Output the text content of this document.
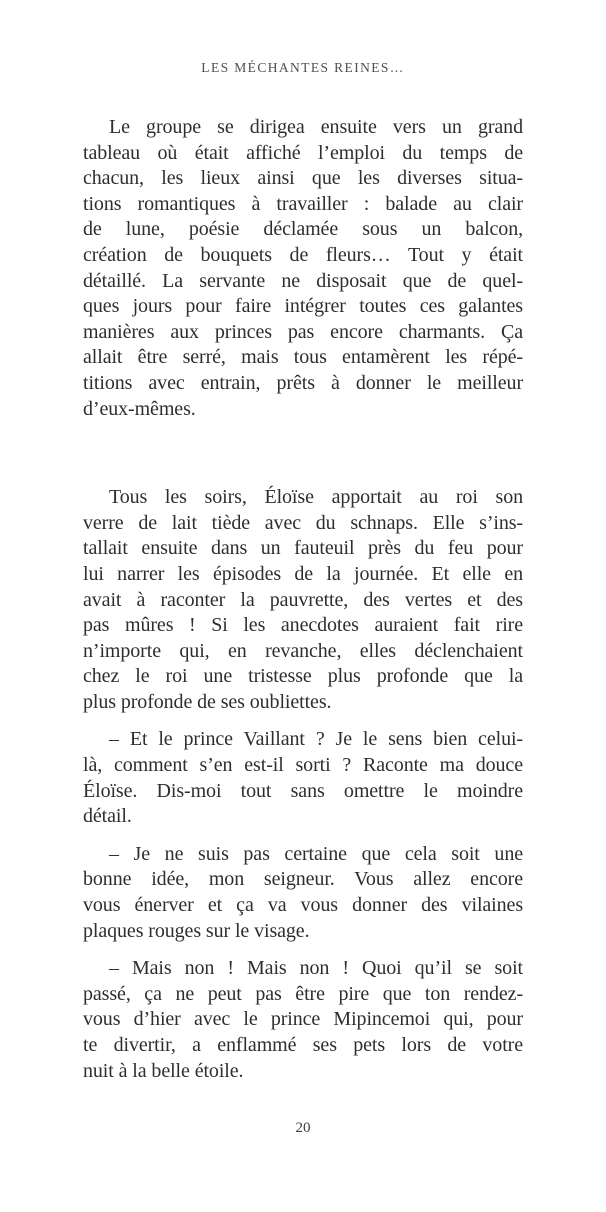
LES MÉCHANTES REINES…
Le groupe se dirigea ensuite vers un grand
tableau où était affiché l’emploi du temps de
chacun, les lieux ainsi que les diverses situa-
tions romantiques à travailler : balade au clair
de lune, poésie déclamée sous un balcon,
création de bouquets de fleurs… Tout y était
détaillé. La servante ne disposait que de quel-
ques jours pour faire intégrer toutes ces galantes
manières aux princes pas encore charmants. Ça
allait être serré, mais tous entamèrent les répé-
titions avec entrain, prêts à donner le meilleur
d’eux-mêmes.
Tous les soirs, Éloïse apportait au roi son
verre de lait tiède avec du schnaps. Elle s’ins-
tallait ensuite dans un fauteuil près du feu pour
lui narrer les épisodes de la journée. Et elle en
avait à raconter la pauvrette, des vertes et des
pas mûres ! Si les anecdotes auraient fait rire
n’importe qui, en revanche, elles déclenchaient
chez le roi une tristesse plus profonde que la
plus profonde de ses oubliettes.
– Et le prince Vaillant ? Je le sens bien celui-
là, comment s’en est-il sorti ? Raconte ma douce
Éloïse. Dis-moi tout sans omettre le moindre
détail.
– Je ne suis pas certaine que cela soit une
bonne idée, mon seigneur. Vous allez encore
vous énerver et ça va vous donner des vilaines
plaques rouges sur le visage.
– Mais non ! Mais non ! Quoi qu’il se soit
passé, ça ne peut pas être pire que ton rendez-
vous d’hier avec le prince Mipincemoi qui, pour
te divertir, a enflammé ses pets lors de votre
nuit à la belle étoile.
20
